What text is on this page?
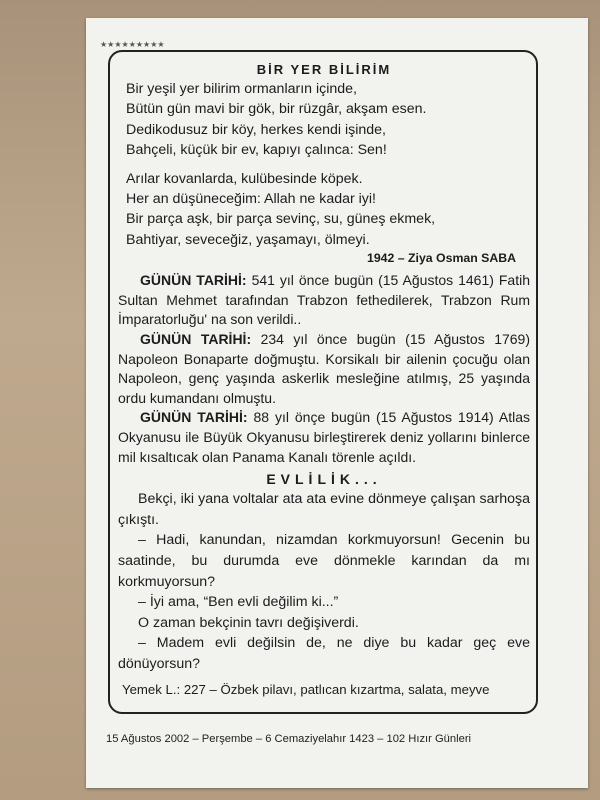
★★★★★★★★★
BİR YER BİLİRİM
Bir yeşil yer bilirim ormanların içinde,
Bütün gün mavi bir gök, bir rüzgâr, akşam esen.
Dedikodusuz bir köy, herkes kendi işinde,
Bahçeli, küçük bir ev, kapıyı çalınca: Sen!
Arılar kovanlarda, kulübesinde köpek.
Her an düşüneceğim: Allah ne kadar iyi!
Bir parça aşk, bir parça sevinç, su, güneş ekmek,
Bahtiyar, seveceğiz, yaşamayı, ölmeyi.
1942 – Ziya Osman SABA

GÜNÜN TARİHİ: 541 yıl önce bugün (15 Ağustos 1461) Fatih Sultan Mehmet tarafından Trabzon fethedilerek, Trabzon Rum İmparatorluğu' na son verildi..

GÜNÜN TARİHİ: 234 yıl önce bugün (15 Ağustos 1769) Napoleon Bonaparte doğmuştu. Korsikalı bir ailenin çocuğu olan Napoleon, genç yaşında askerlik mesleğine atılmış, 25 yaşında ordu kumandanı olmuştu.

GÜNÜN TARİHİ: 88 yıl önçe bugün (15 Ağustos 1914) Atlas Okyanusu ile Büyük Okyanusu birleştirerek deniz yollarını binlerce mil kısaltıcak olan Panama Kanalı törenle açıldı.

EVLİLİK...

Bekçi, iki yana voltalar ata ata evine dönmeye çalışan sarhoşa çıkıştı.

– Hadi, kanundan, nizamdan korkmuyorsun! Gecenin bu saatinde, bu durumda eve dönmekle karından da mı korkmuyorsun?

– İyi ama, “Ben evli değilim ki...”

O zaman bekçinin tavrı değişiverdi.

– Madem evli değilsin de, ne diye bu kadar geç eve dönüyorsun?

Yemek L.: 227 – Özbek pilavı, patlıcan kızartma, salata, meyve
15 Ağustos 2002 – Perşembe – 6 Cemaziyelahır 1423 – 102 Hızır Günleri
